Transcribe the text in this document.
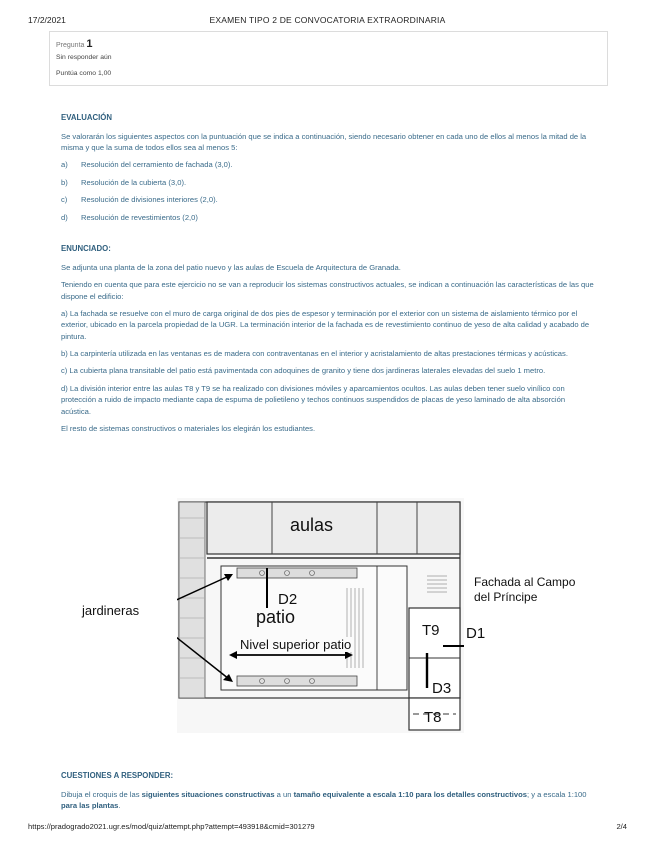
17/2/2021	EXAMEN TIPO 2 DE CONVOCATORIA EXTRAORDINARIA
Pregunta 1
Sin responder aún
Puntúa como 1,00
EVALUACIÓN
Se valorarán los siguientes aspectos con la puntuación que se indica a continuación, siendo necesario obtener en cada uno de ellos al menos la mitad de la misma y que la suma de todos ellos sea al menos 5:
a)	Resolución del cerramiento de fachada (3,0).
b)	Resolución de la cubierta (3,0).
c)	Resolución de divisiones interiores (2,0).
d)	Resolución de revestimientos (2,0)
ENUNCIADO:
Se adjunta una planta de la zona del patio nuevo y las aulas de Escuela de Arquitectura de Granada.
Teniendo en cuenta que para este ejercicio no se van a reproducir los sistemas constructivos actuales, se indican a continuación las características de las que dispone el edificio:
a) La fachada se resuelve con el muro de carga original de dos pies de espesor y terminación por el exterior con un sistema de aislamiento térmico por el exterior, ubicado en la parcela propiedad de la UGR. La terminación interior de la fachada es de revestimiento continuo de yeso de alta calidad y acabado de pintura.
b) La carpintería utilizada en las ventanas es de madera con contraventanas en el interior y acristalamiento de altas prestaciones térmicas y acústicas.
c) La cubierta plana transitable del patio está pavimentada con adoquines de granito y tiene dos jardineras laterales elevadas del suelo 1 metro.
d) La división interior entre las aulas T8 y T9 se ha realizado con divisiones móviles y aparcamientos ocultos. Las aulas deben tener suelo vinílico con protección a ruido de impacto mediante capa de espuma de polietileno y techos continuos suspendidos de placas de yeso laminado de alta absorción acústica.
El resto de sistemas constructivos o materiales los elegirán los estudiantes.
aulas
D2
patio
Nivel superior patio
T9 D1
D3
T8
jardineras
Fachada al Campo
del Príncipe
CUESTIONES A RESPONDER:
Dibuja el croquis de las siguientes situaciones constructivas a un tamaño equivalente a escala 1:10 para los detalles constructivos; y a escala 1:100 para las plantas.
https://pradogrado2021.ugr.es/mod/quiz/attempt.php?attempt=493918&cmid=301279	2/4
